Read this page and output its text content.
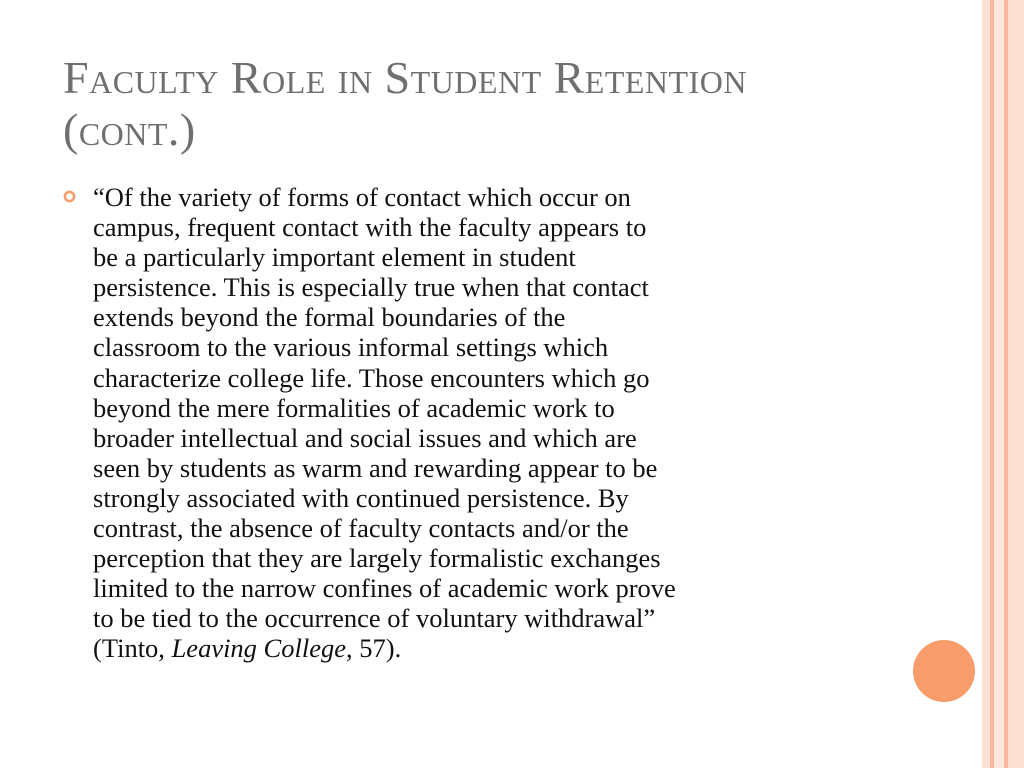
Faculty Role in Student Retention
(cont.)

“Of the variety of forms of contact which occur on
campus, frequent contact with the faculty appears to
be a particularly important element in student
persistence. This is especially true when that contact
extends beyond the formal boundaries of the
classroom to the various informal settings which
characterize college life. Those encounters which go
beyond the mere formalities of academic work to
broader intellectual and social issues and which are
seen by students as warm and rewarding appear to be
strongly associated with continued persistence. By
contrast, the absence of faculty contacts and/or the
perception that they are largely formalistic exchanges
limited to the narrow confines of academic work prove
to be tied to the occurrence of voluntary withdrawal”
(Tinto, Leaving College, 57).
